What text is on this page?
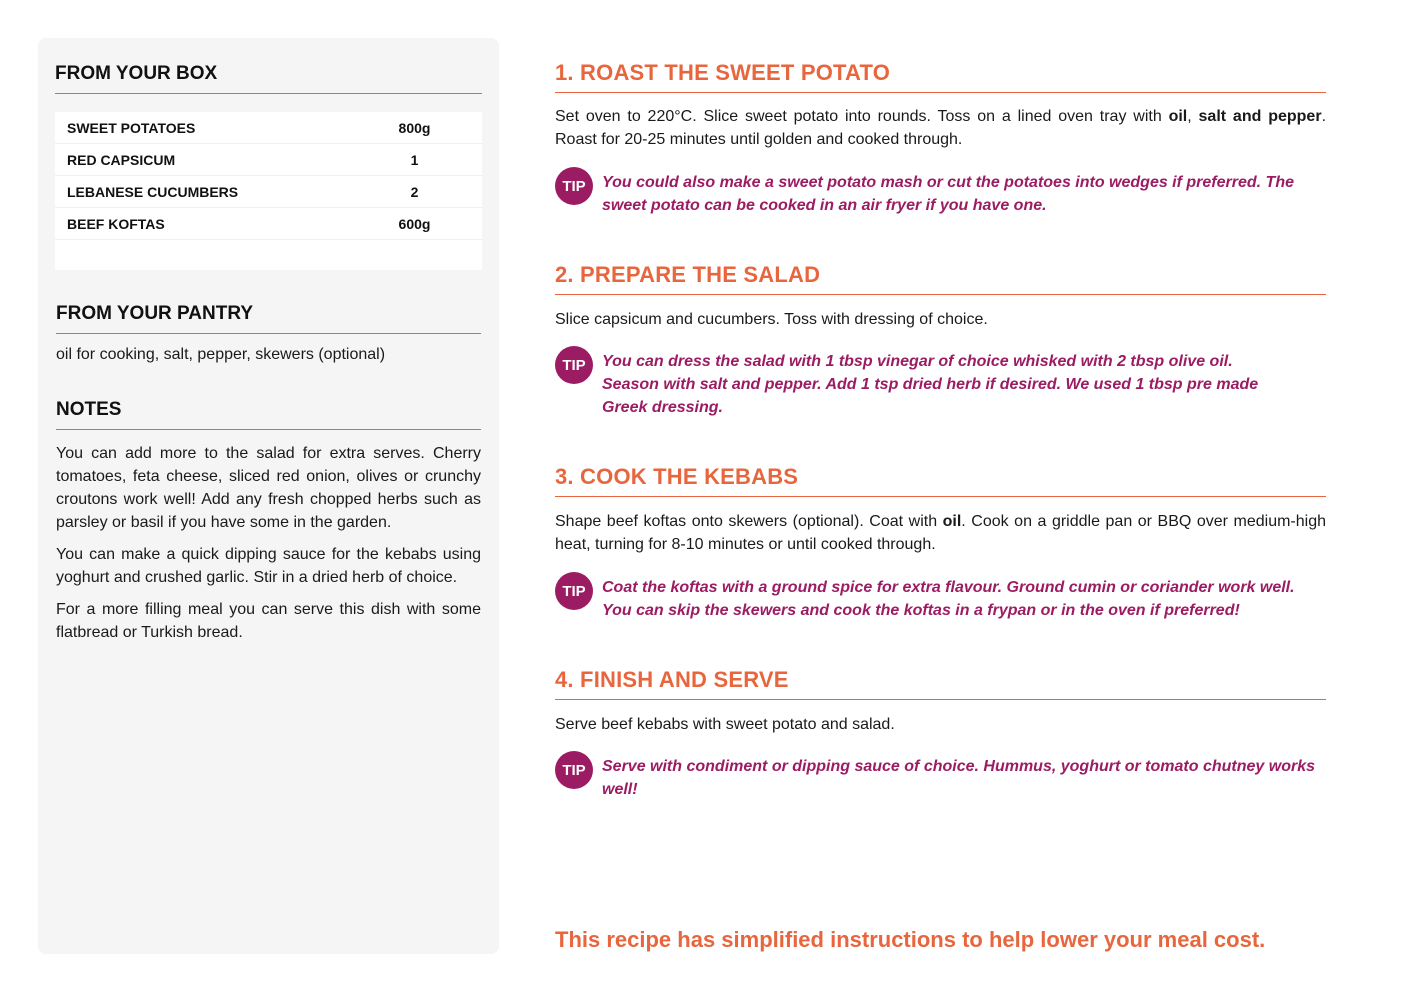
FROM YOUR BOX
SWEET POTATOES	800g
RED CAPSICUM	1
LEBANESE CUCUMBERS	2
BEEF KOFTAS	600g
FROM YOUR PANTRY
oil for cooking, salt, pepper, skewers (optional)
NOTES

You can add more to the salad for extra serves. Cherry tomatoes, feta cheese, sliced red onion, olives or crunchy croutons work well! Add any fresh chopped herbs such as parsley or basil if you have some in the garden.

You can make a quick dipping sauce for the kebabs using yoghurt and crushed garlic. Stir in a dried herb of choice.

For a more filling meal you can serve this dish with some flatbread or Turkish bread.

1. ROAST THE SWEET POTATO
Set oven to 220°C. Slice sweet potato into rounds. Toss on a lined oven tray with oil, salt and pepper. Roast for 20-25 minutes until golden and cooked through.
TIP	You could also make a sweet potato mash or cut the potatoes into wedges if preferred. The sweet potato can be cooked in an air fryer if you have one.
2. PREPARE THE SALAD
Slice capsicum and cucumbers. Toss with dressing of choice.
TIP	You can dress the salad with 1 tbsp vinegar of choice whisked with 2 tbsp olive oil. Season with salt and pepper. Add 1 tsp dried herb if desired. We used 1 tbsp pre made Greek dressing.
3. COOK THE KEBABS
Shape beef koftas onto skewers (optional). Coat with oil. Cook on a griddle pan or BBQ over medium-high heat, turning for 8-10 minutes or until cooked through.
TIP	Coat the koftas with a ground spice for extra flavour. Ground cumin or coriander work well. You can skip the skewers and cook the koftas in a frypan or in the oven if preferred!
4. FINISH AND SERVE
Serve beef kebabs with sweet potato and salad.
TIP	Serve with condiment or dipping sauce of choice. Hummus, yoghurt or tomato chutney works well!
This recipe has simplified instructions to help lower your meal cost.
